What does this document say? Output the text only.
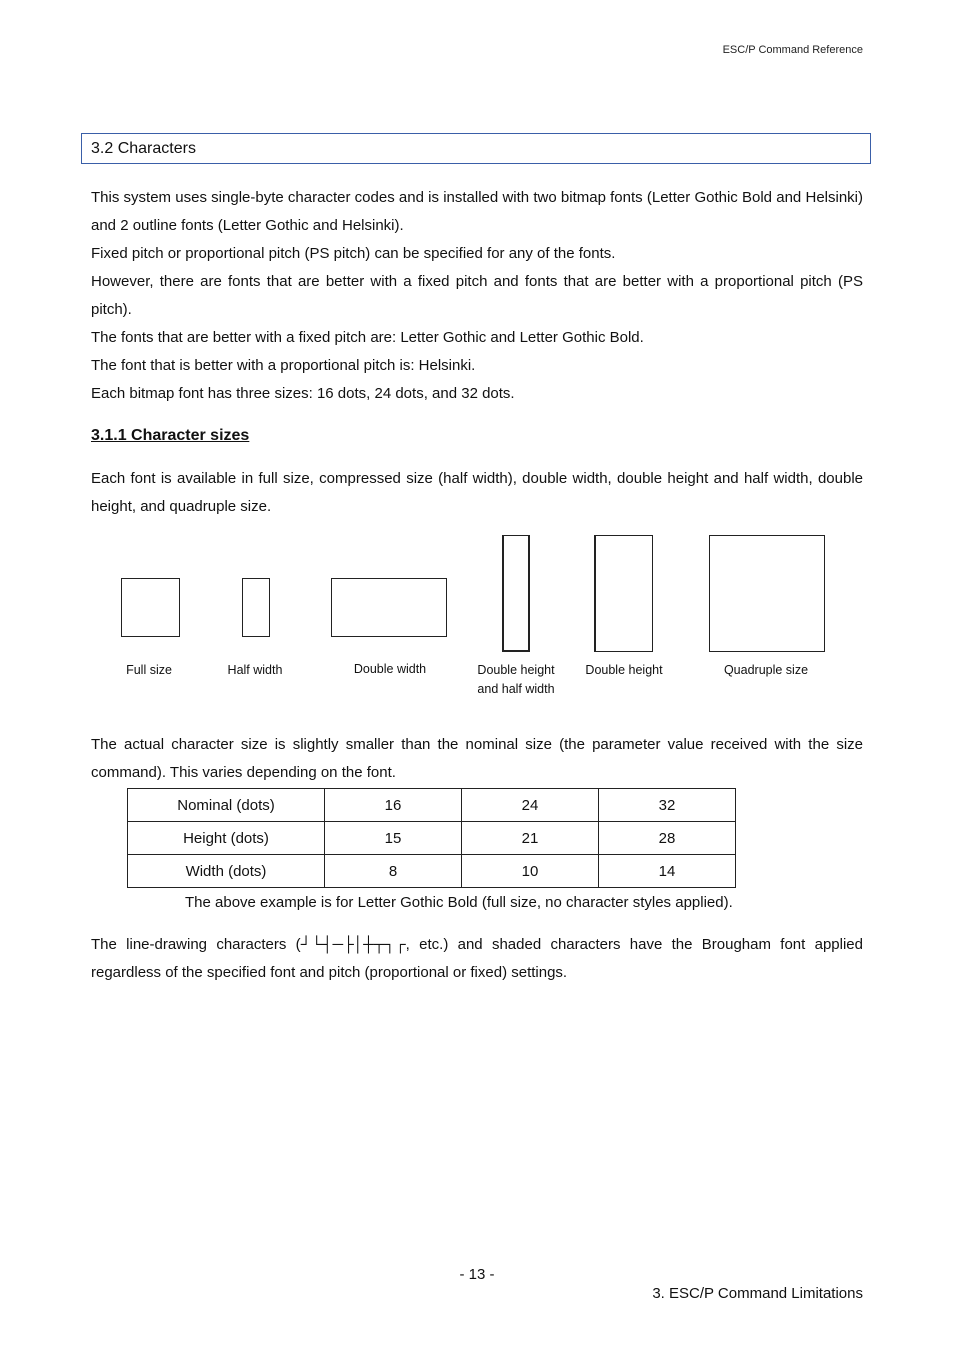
ESC/P Command Reference
3.2 Characters

This system uses single-byte character codes and is installed with two bitmap fonts (Letter Gothic Bold and Helsinki) and 2 outline fonts (Letter Gothic and Helsinki).

Fixed pitch or proportional pitch (PS pitch) can be specified for any of the fonts.

However, there are fonts that are better with a fixed pitch and fonts that are better with a proportional pitch (PS pitch).

The fonts that are better with a fixed pitch are: Letter Gothic and Letter Gothic Bold.

The font that is better with a proportional pitch is: Helsinki.

Each bitmap font has three sizes: 16 dots, 24 dots, and 32 dots.

3.1.1 Character sizes

Each font is available in full size, compressed size (half width), double width, double height and half width, double height, and quadruple size.

Full size	Half width	Double width	Double height and half width
Double height	Quadruple size

The actual character size is slightly smaller than the nominal size (the parameter value received with the size command). This varies depending on the font.

Nominal (dots)	16	24	32
Height (dots)	15	21	28
Width (dots)	8	10	14
The above example is for Letter Gothic Bold (full size, no character styles applied).

The line-drawing characters (┘└┤─├│┼┬┐┌, etc.) and shaded characters have the Brougham font applied regardless of the specified font and pitch (proportional or fixed) settings.

- 13 -
3. ESC/P Command Limitations
